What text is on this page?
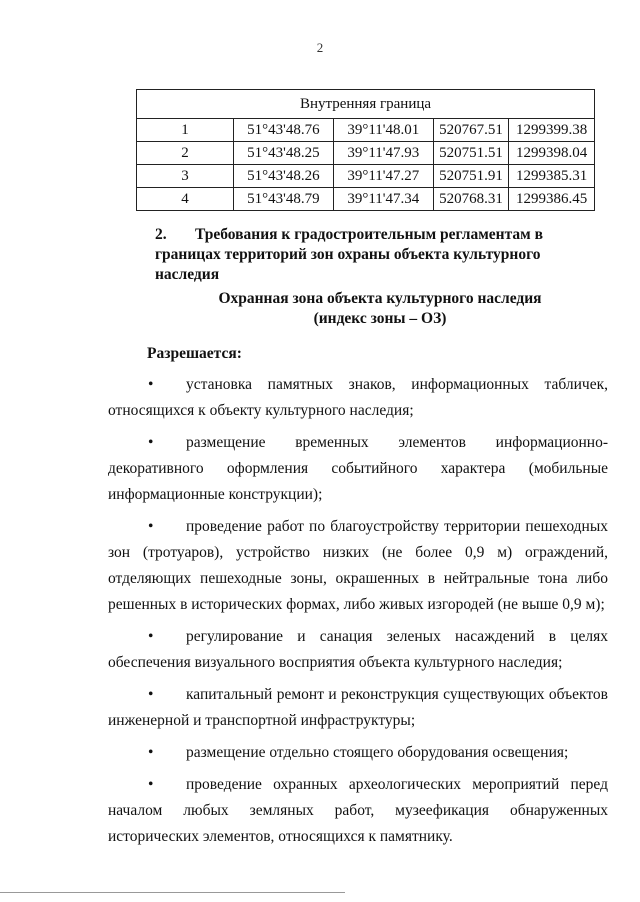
2
Внутренняя граница				
1	51°43'48.76	39°11'48.01	520767.51	1299399.38
2	51°43'48.25	39°11'47.93	520751.51	1299398.04
3	51°43'48.26	39°11'47.27	520751.91	1299385.31
4	51°43'48.79	39°11'47.34	520768.31	1299386.45
2. Требования к градостроительным регламентам в границах территорий зон охраны объекта культурного наследия
Охранная зона объекта культурного наследия
(индекс зоны – ОЗ)
Разрешается:

• установка памятных знаков, информационных табличек, относящихся к объекту культурного наследия;

• размещение временных элементов информационно-декоративного оформления событийного характера (мобильные информационные конструкции);

• проведение работ по благоустройству территории пешеходных зон (тротуаров), устройство низких (не более 0,9 м) ограждений, отделяющих пешеходные зоны, окрашенных в нейтральные тона либо решенных в исторических формах, либо живых изгородей (не выше 0,9 м);

• регулирование и санация зеленых насаждений в целях обеспечения визуального восприятия объекта культурного наследия;

• капитальный ремонт и реконструкция существующих объектов инженерной и транспортной инфраструктуры;

• размещение отдельно стоящего оборудования освещения;

• проведение охранных археологических мероприятий перед началом любых земляных работ, музеефикация обнаруженных исторических элементов, относящихся к памятнику.
